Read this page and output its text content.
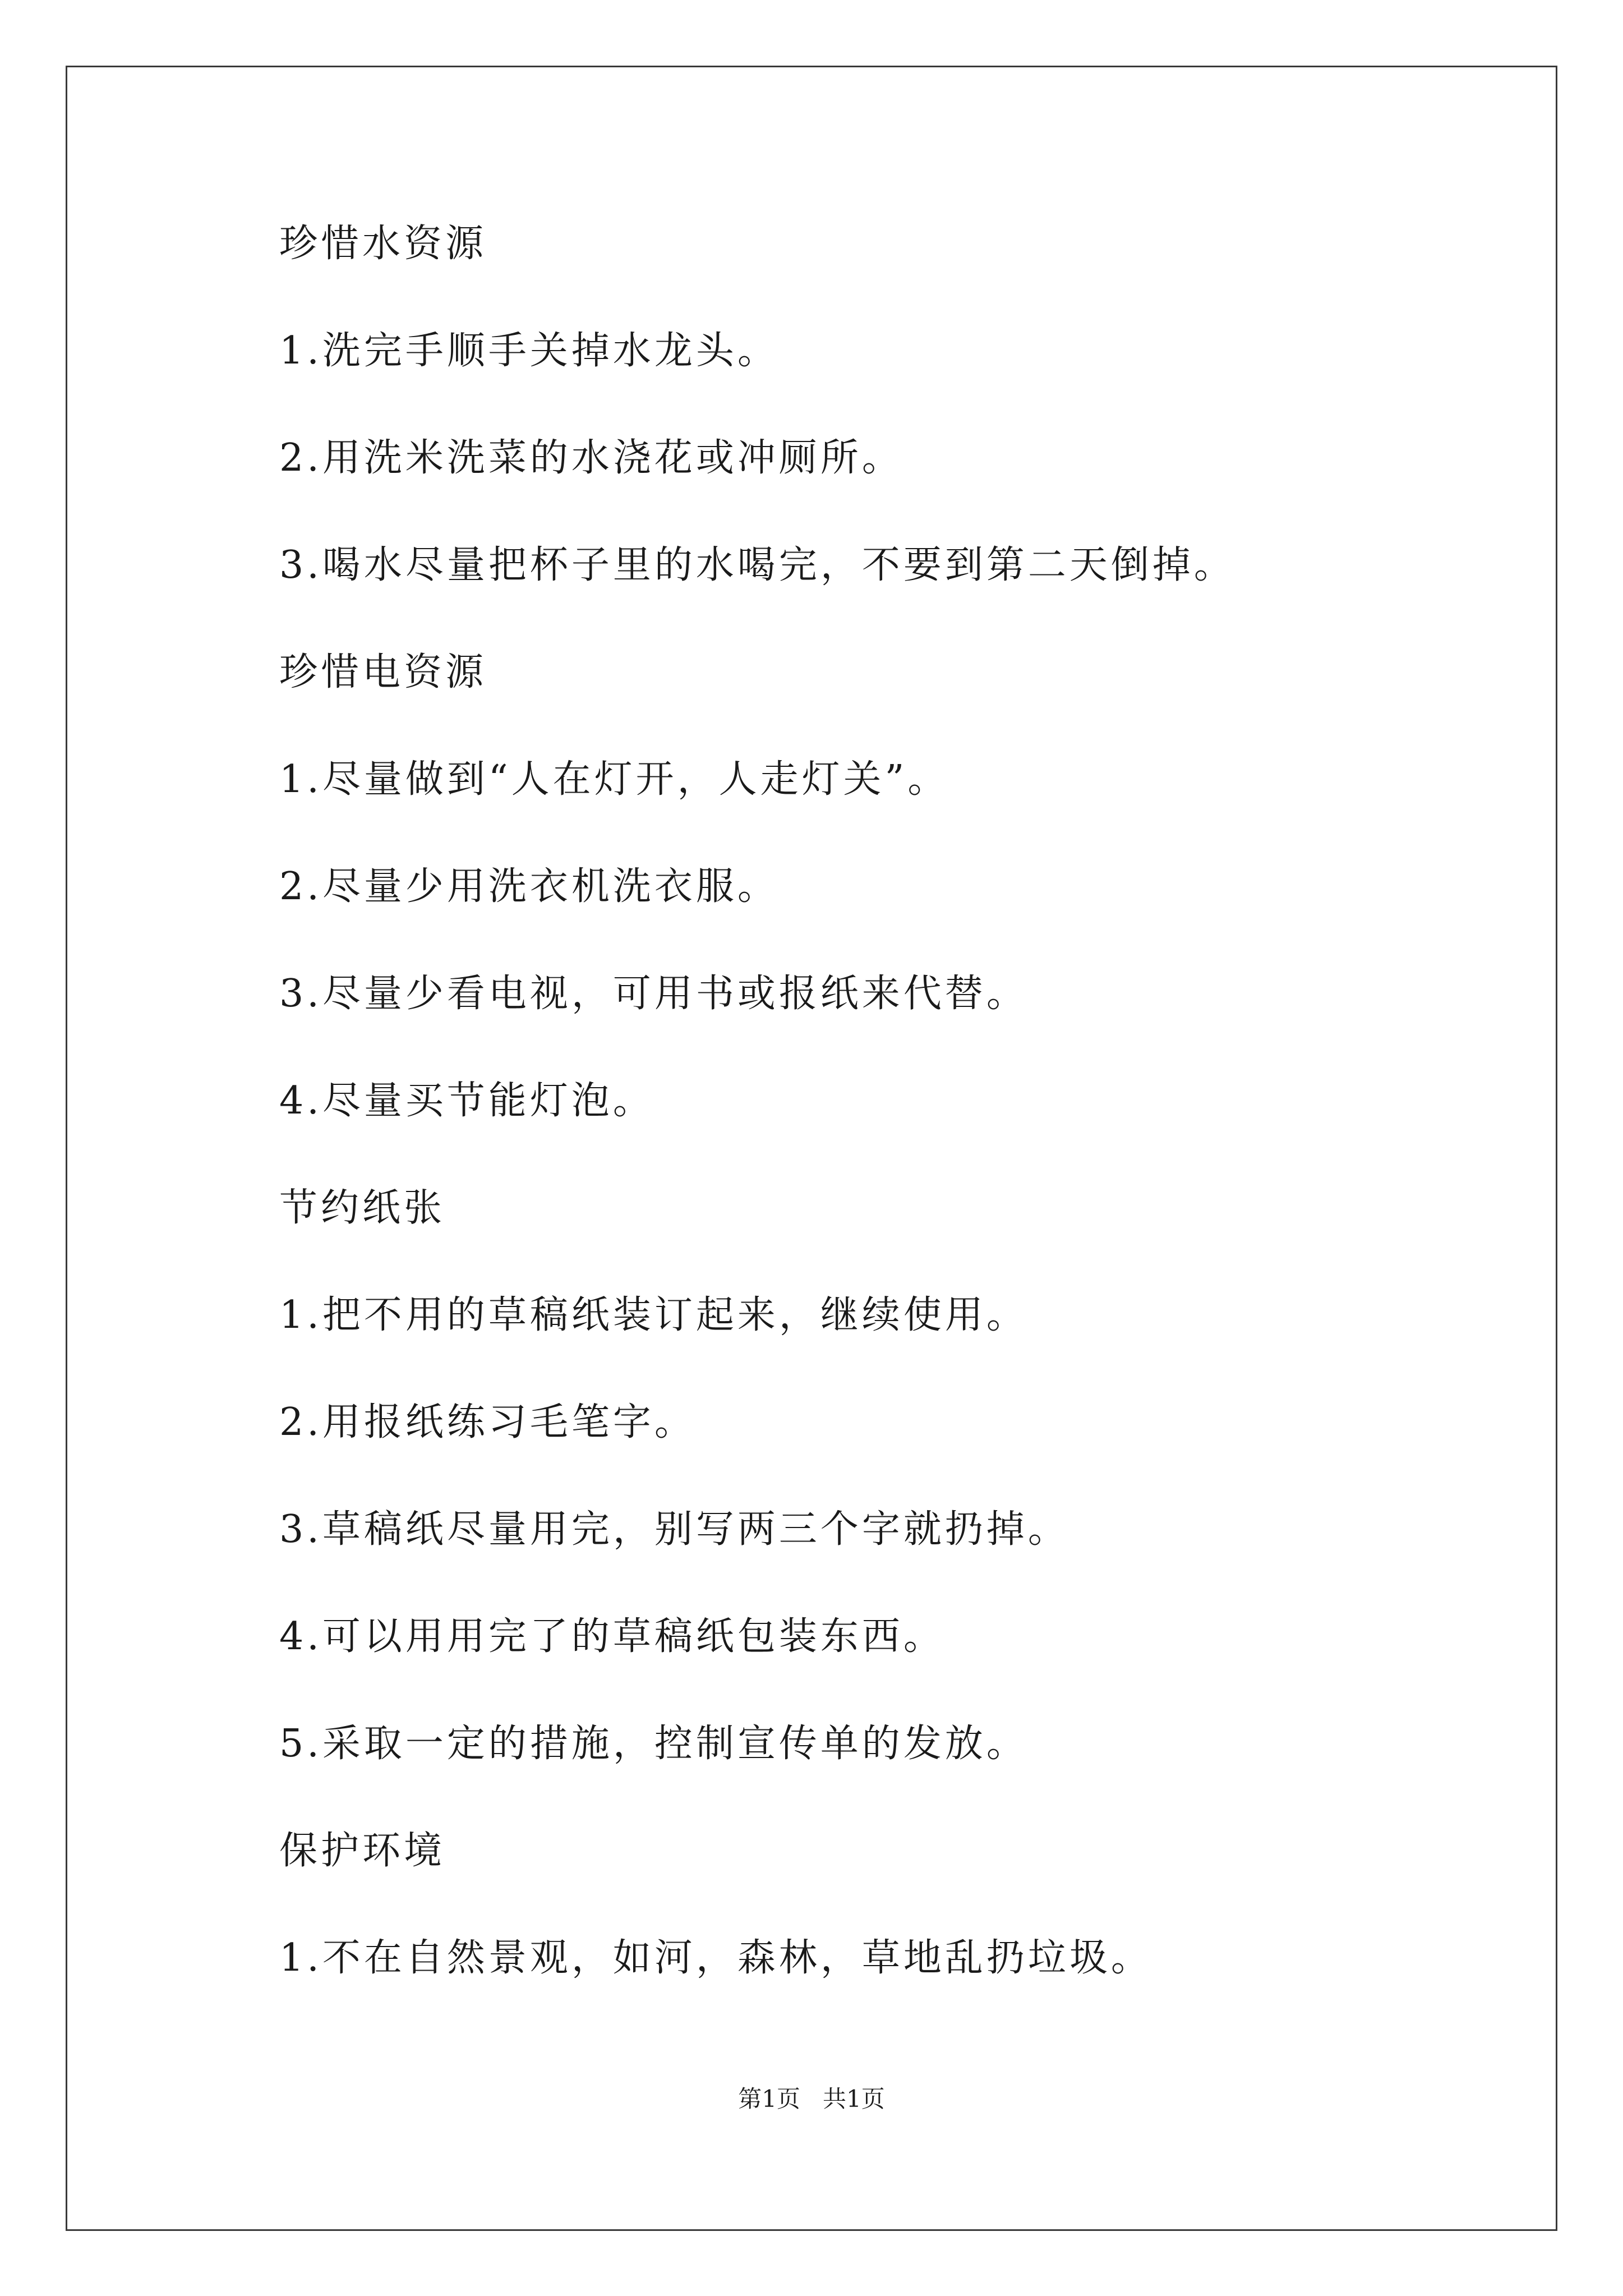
珍惜水资源
1.洗完手顺手关掉水龙头。
2.用洗米洗菜的水浇花或冲厕所。
3.喝水尽量把杯子里的水喝完，不要到第二天倒掉。
珍惜电资源
1.尽量做到“人在灯开，人走灯关”。
2.尽量少用洗衣机洗衣服。
3.尽量少看电视，可用书或报纸来代替。
4.尽量买节能灯泡。
节约纸张
1.把不用的草稿纸装订起来，继续使用。
2.用报纸练习毛笔字。
3.草稿纸尽量用完，别写两三个字就扔掉。
4.可以用用完了的草稿纸包装东西。
5.采取一定的措施，控制宣传单的发放。
保护环境
1.不在自然景观，如河，森林，草地乱扔垃圾。
第1页   共1页
